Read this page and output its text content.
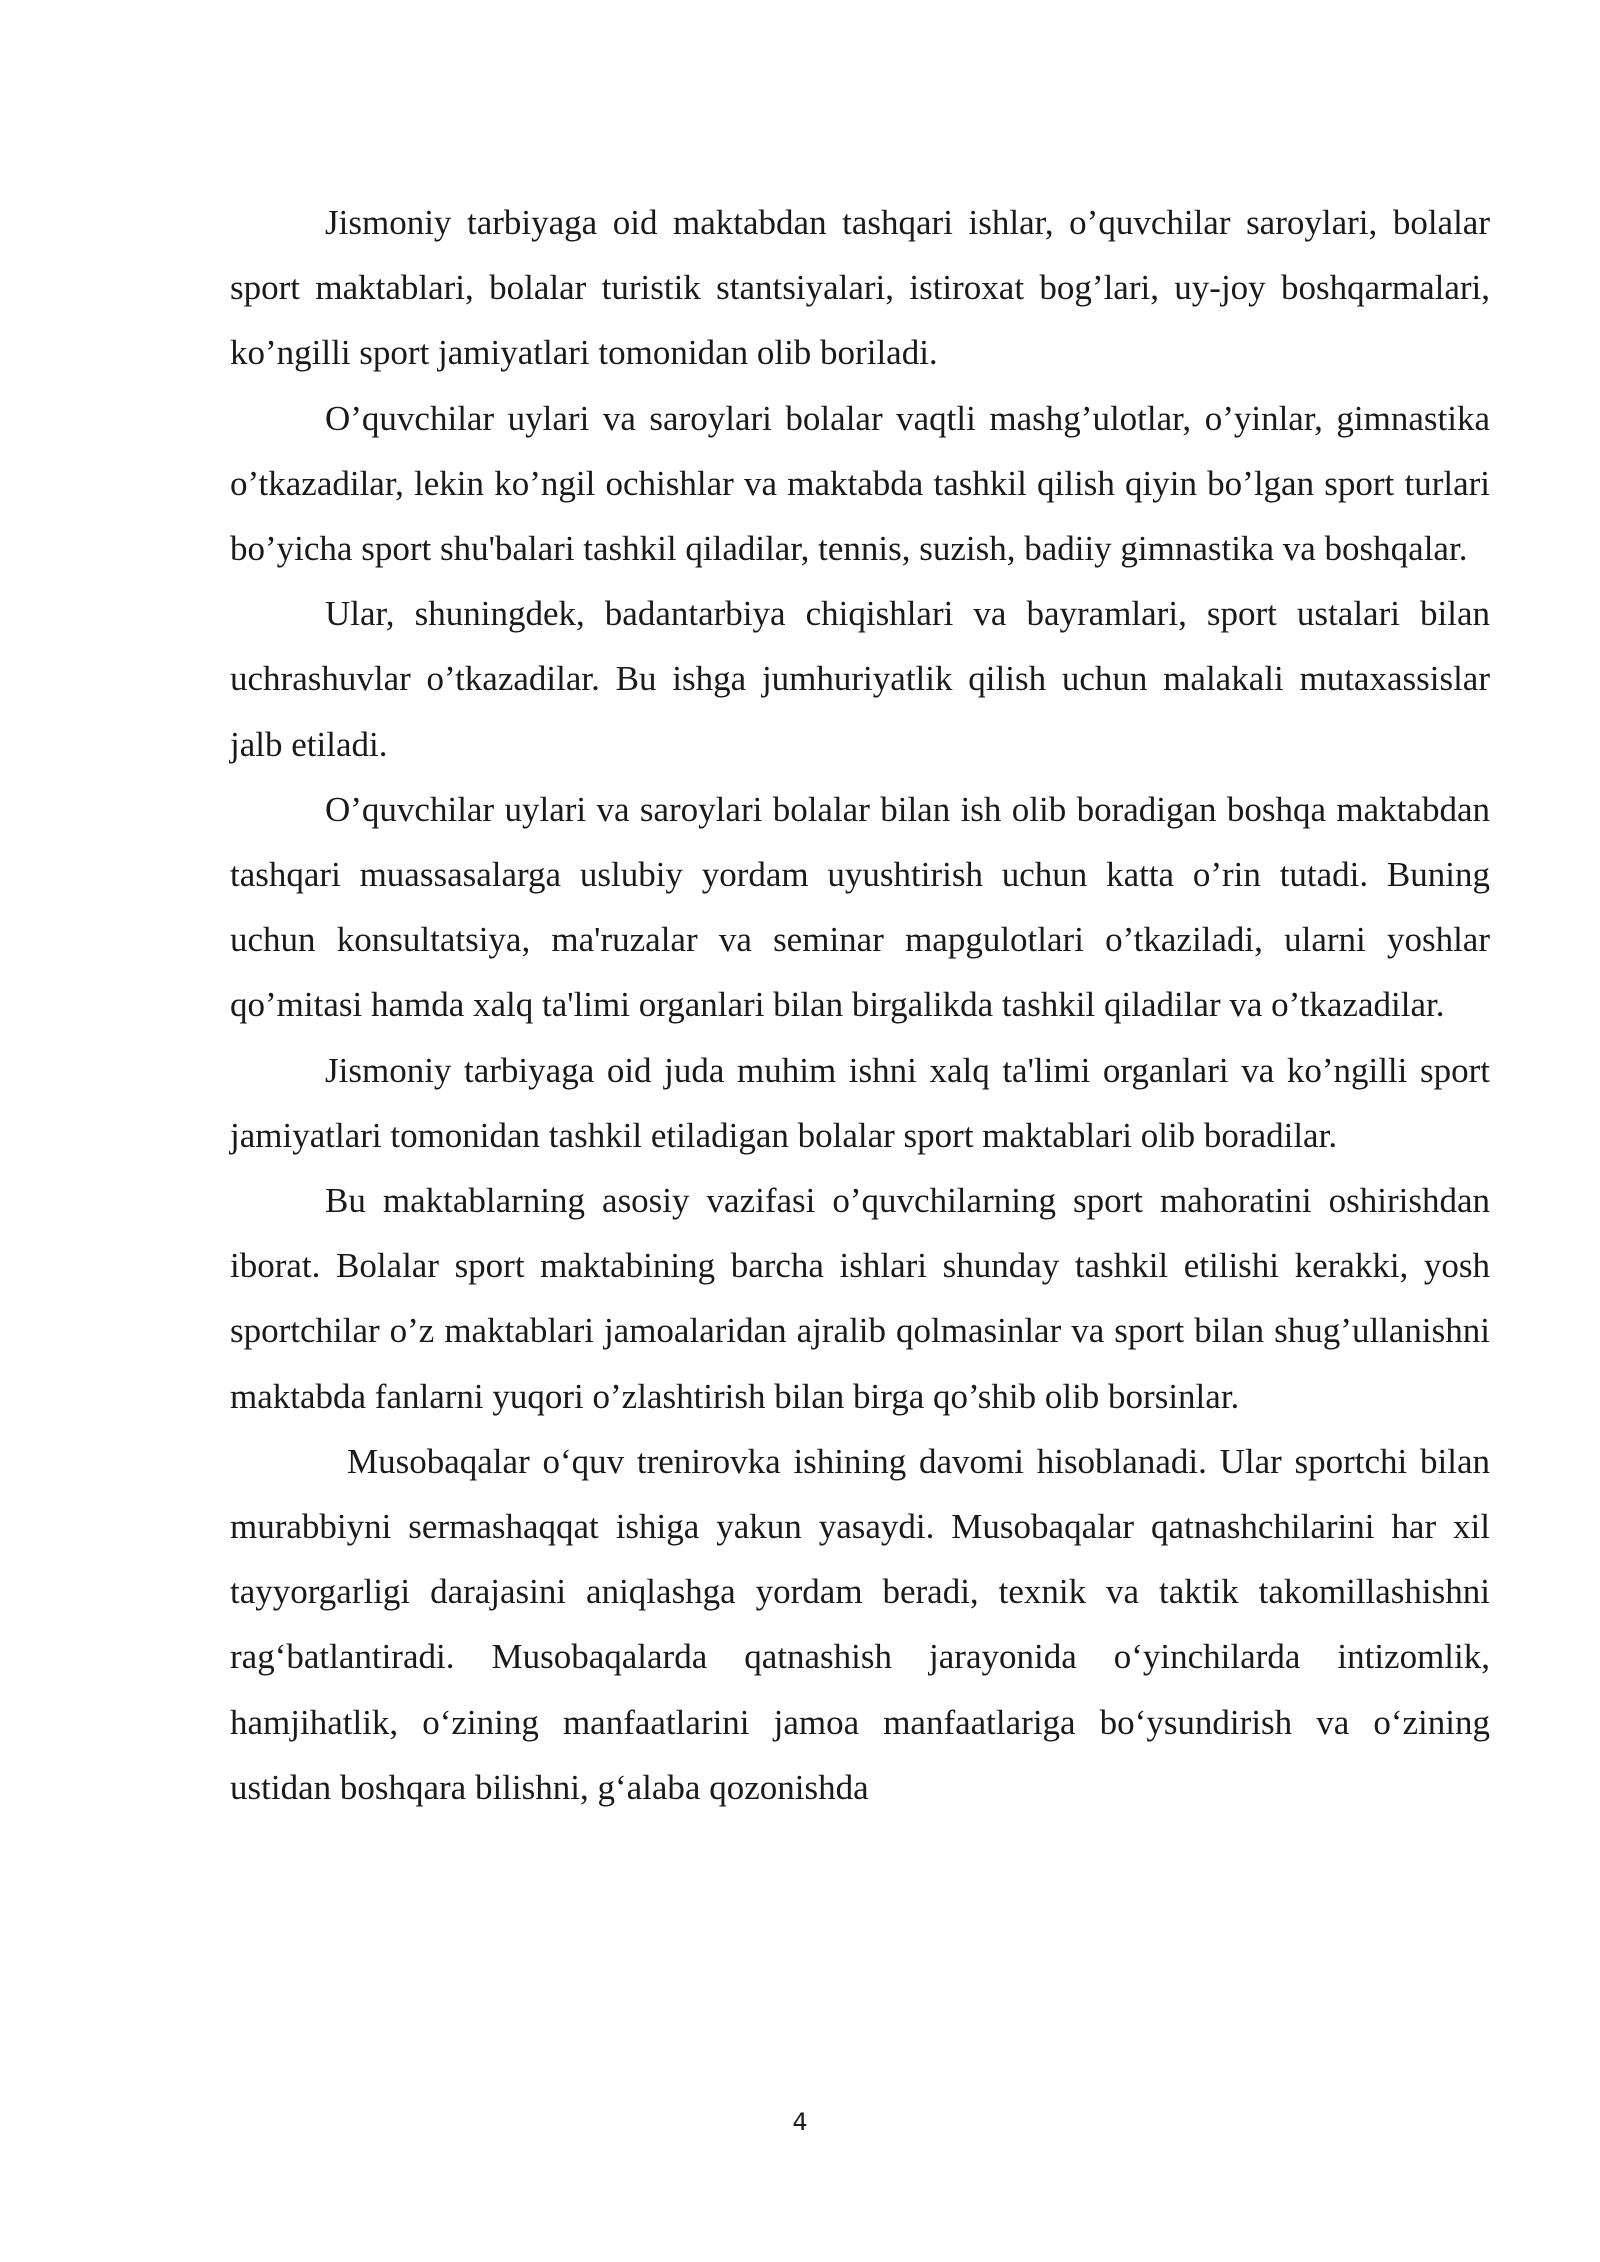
Jismoniy tarbiyaga oid maktabdan tashqari ishlar, o’quvchilar saroylari, bolalar sport maktablari, bolalar turistik stantsiyalari, istiroxat bog’lari, uy-joy boshqarmalari, ko’ngilli sport jamiyatlari tomonidan olib boriladi.

O’quvchilar uylari va saroylari bolalar vaqtli mashg’ulotlar, o’yinlar, gimnastika o’tkazadilar, lekin ko’ngil ochishlar va maktabda tashkil qilish qiyin bo’lgan sport turlari bo’yicha sport shu'balari tashkil qiladilar, tennis, suzish, badiiy gimnastika va boshqalar.

Ular, shuningdek, badantarbiya chiqishlari va bayramlari, sport ustalari bilan uchrashuvlar o’tkazadilar. Bu ishga jumhuriyatlik qilish uchun malakali mutaxassislar jalb etiladi.

O’quvchilar uylari va saroylari bolalar bilan ish olib boradigan boshqa maktabdan tashqari muassasalarga uslubiy yordam uyushtirish uchun katta o’rin tutadi. Buning uchun konsultatsiya, ma'ruzalar va seminar mapgulotlari o’tkaziladi, ularni yoshlar qo’mitasi hamda xalq ta'limi organlari bilan birgalikda tashkil qiladilar va o’tkazadilar.

Jismoniy tarbiyaga oid juda muhim ishni xalq ta'limi organlari va ko’ngilli sport jamiyatlari tomonidan tashkil etiladigan bolalar sport maktablari olib boradilar.

Bu maktablarning asosiy vazifasi o’quvchilarning sport mahoratini oshirishdan iborat. Bolalar sport maktabining barcha ishlari shunday tashkil etilishi kerakki, yosh sportchilar o’z maktablari jamoalaridan ajralib qolmasinlar va sport bilan shug’ullanishni maktabda fanlarni yuqori o’zlashtirish bilan birga qo’shib olib borsinlar.

Musobaqalar o‘quv trenirovka ishining davomi hisoblanadi. Ular sportchi bilan murabbiyni sermashaqqat ishiga yakun yasaydi. Musobaqalar qatnashchilarini har xil tayyorgarligi darajasini aniqlashga yordam beradi, texnik va taktik takomillashishni rag‘batlantiradi. Musobaqalarda qatnashish jarayonida o‘yinchilarda intizomlik, hamjihatlik, o‘zining manfaatlarini jamoa manfaatlariga bo‘ysundirish va o‘zining ustidan boshqara bilishni, g‘alaba qozonishda

4
